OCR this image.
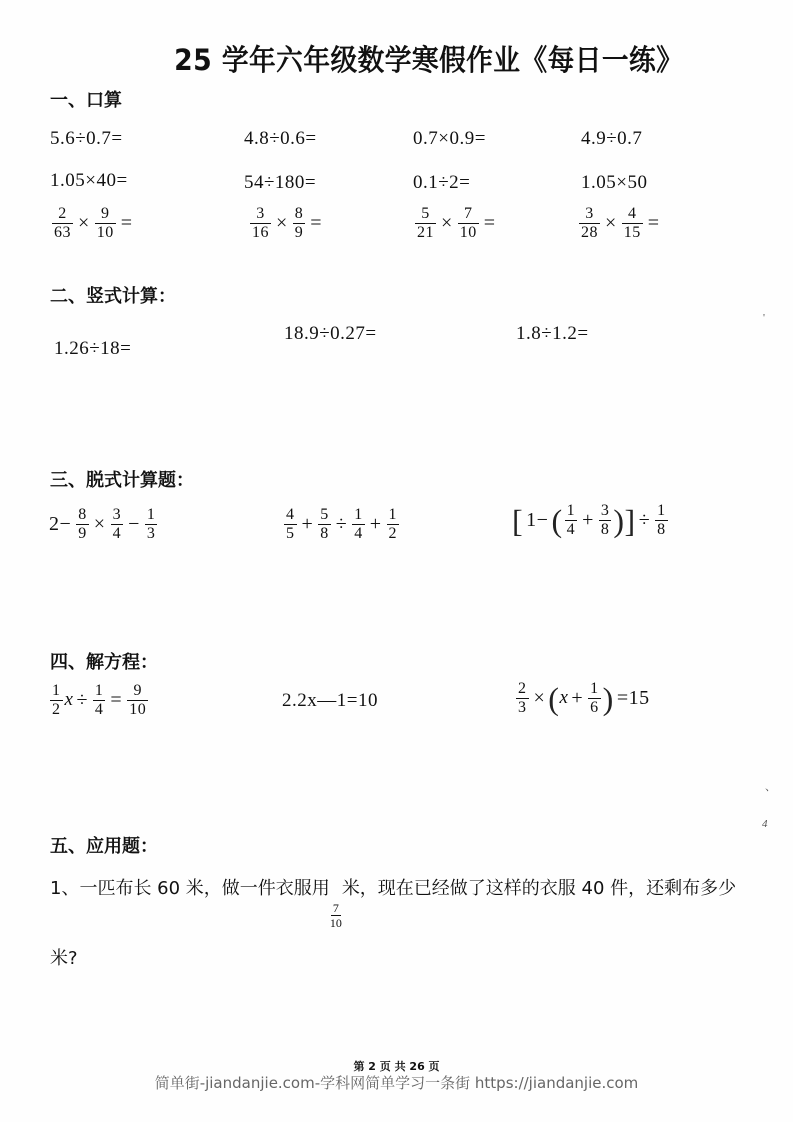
25 学年六年级数学寒假作业《每日一练》
一、口算
5.6÷0.7=	4.8÷0.6=	0.7×0.9=	4.9÷0.7
1.05×40=	54÷180=	0.1÷2=	1.05×50
$\frac{2}{63} \times \frac{9}{10}$ =	$\frac{3}{16} \times \frac{8}{9}$ =	$\frac{5}{21} \times \frac{7}{10}$ =	$\frac{3}{28} \times \frac{4}{15}$ =
二、竖式计算：
1.26÷18=
18.9÷0.27=	1.8÷1.2=
'
三、脱式计算题：
$2- \frac{8}{9} \times \frac{3}{4} - \frac{1}{3}$	$\frac{4}{5} + \frac{5}{8} \div \frac{1}{4} + \frac{1}{2}$	[ $1-( \frac{1}{4} + \frac{3}{8}$ )] ÷ $\frac{1}{8}$
四、解方程：
$\frac{1}{2}$ $x \div \frac{1}{4} = \frac{9}{10}$	2.2x—1=10	$\frac{2}{3} \times(x + \frac{1}{6}$ ) =15
、
4
五、应用题：
1、一匹布长 60 米，做一件衣服用
$\frac{7}{10}$
米，现在已经做了这样的衣服 40 件，还剩布多少米?
第 2 页 共 26 页
简单街-jiandanjie.com-学科网简单学习一条街 https://jiandanjie.com
